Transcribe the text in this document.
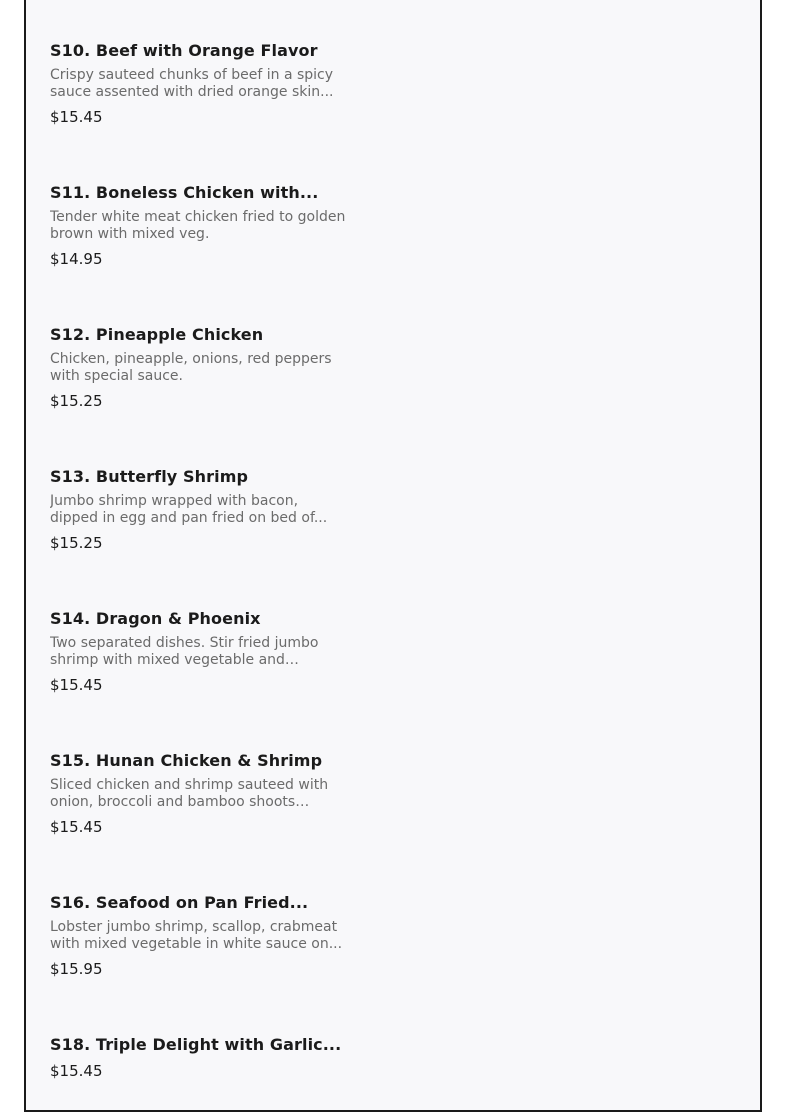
S10. Beef with Orange Flavor
Crispy sauteed chunks of beef in a spicy sauce assented with dried orange skin...
$15.45
S11. Boneless Chicken with...
Tender white meat chicken fried to golden brown with mixed veg.
$14.95
S12. Pineapple Chicken
Chicken, pineapple, onions, red peppers with special sauce.
$15.25
S13. Butterfly Shrimp
Jumbo shrimp wrapped with bacon, dipped in egg and pan fried on bed of...
$15.25
S14. Dragon & Phoenix
Two separated dishes. Stir fried jumbo shrimp with mixed vegetable and
$15.45
S15. Hunan Chicken & Shrimp
Sliced chicken and shrimp sauteed with onion, broccoli and bamboo shoots
$15.45
S16. Seafood on Pan Fried...
Lobster jumbo shrimp, scallop, crabmeat with mixed vegetable in white sauce on...
$15.95
S18. Triple Delight with Garlic...
$15.45
